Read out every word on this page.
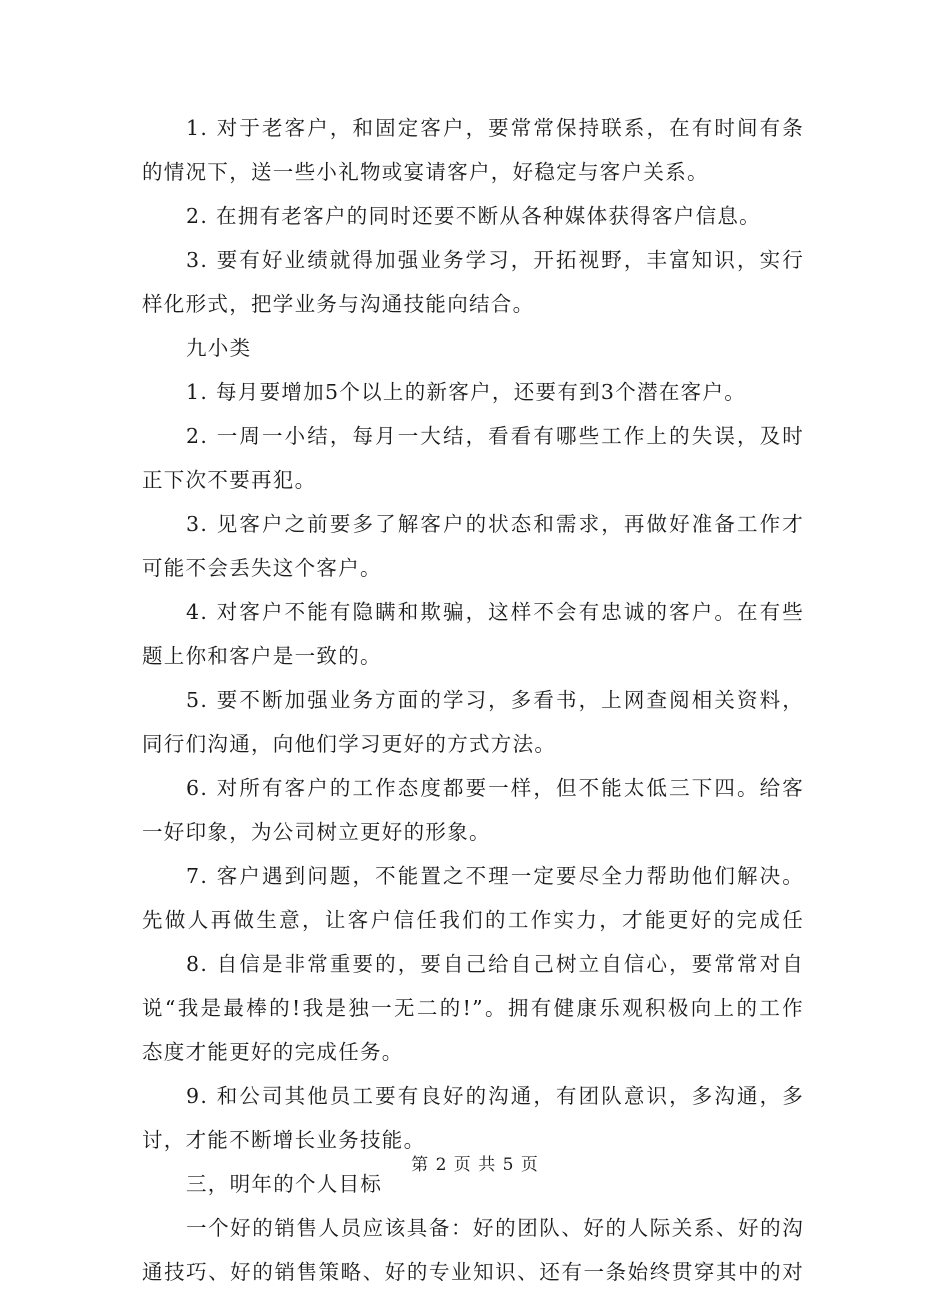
1. 对于老客户，和固定客户，要常常保持联系，在有时间有条
的情况下，送一些小礼物或宴请客户，好稳定与客户关系。
2. 在拥有老客户的同时还要不断从各种媒体获得客户信息。
3. 要有好业绩就得加强业务学习，开拓视野，丰富知识，实行
样化形式，把学业务与沟通技能向结合。
九小类
1. 每月要增加5个以上的新客户，还要有到3个潜在客户。
2. 一周一小结，每月一大结，看看有哪些工作上的失误，及时
正下次不要再犯。
3. 见客户之前要多了解客户的状态和需求，再做好准备工作才
可能不会丢失这个客户。
4. 对客户不能有隐瞒和欺骗，这样不会有忠诚的客户。在有些
题上你和客户是一致的。
5. 要不断加强业务方面的学习，多看书，上网查阅相关资料，
同行们沟通，向他们学习更好的方式方法。
6. 对所有客户的工作态度都要一样，但不能太低三下四。给客
一好印象，为公司树立更好的形象。
7. 客户遇到问题，不能置之不理一定要尽全力帮助他们解决。
先做人再做生意，让客户信任我们的工作实力，才能更好的完成任
8. 自信是非常重要的，要自己给自己树立自信心，要常常对自
说“我是最棒的!我是独一无二的!”。拥有健康乐观积极向上的工作
态度才能更好的完成任务。
9. 和公司其他员工要有良好的沟通，有团队意识，多沟通，多
讨，才能不断增长业务技能。
三，明年的个人目标
一个好的销售人员应该具备：好的团队、好的人际关系、好的沟
通技巧、好的销售策略、好的专业知识、还有一条始终贯穿其中的对
第 2 页 共 5 页
